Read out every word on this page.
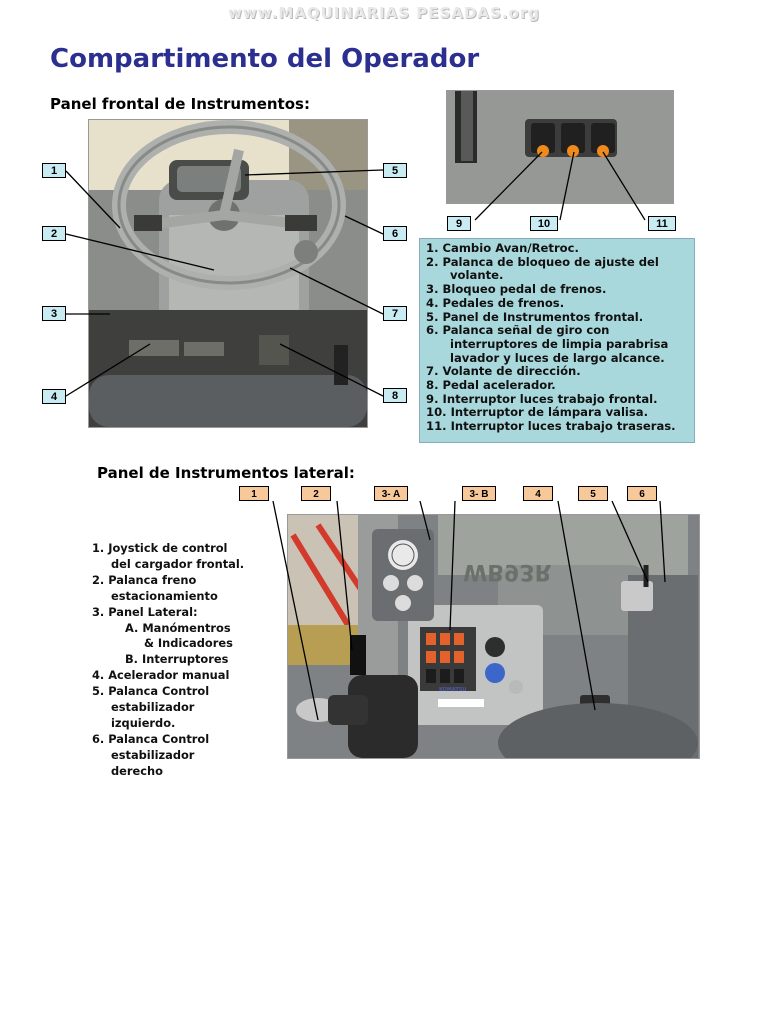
www.MAQUINARIAS PESADAS.org
Compartimento del Operador
Panel frontal de Instrumentos:
1. Cambio Avan/Retroc.
2. Palanca de bloqueo de ajuste del
volante.
3. Bloqueo pedal de frenos.
4. Pedales de frenos.
5. Panel de Instrumentos frontal.
6. Palanca señal de giro con
interruptores de limpia parabrisa
lavador y luces de largo alcance.
7. Volante de dirección.
8. Pedal acelerador.
9. Interruptor luces trabajo frontal.
10. Interruptor de lámpara valisa.
11. Interruptor luces trabajo traseras.
1
2
3
4
5
6
7
8
9	10	11
Panel de Instrumentos lateral:
1. Joystick de control
del cargador frontal.
2. Palanca freno
estacionamiento
3. Panel Lateral:
A. Manómentros
& Indicadores
B. Interruptores
4. Acelerador manual
5. Palanca Control
estabilizador
izquierdo.
6. Palanca Control
estabilizador
derecho
WB93R
KOMATSU
1	2	3- A	3- B	4	5	6
